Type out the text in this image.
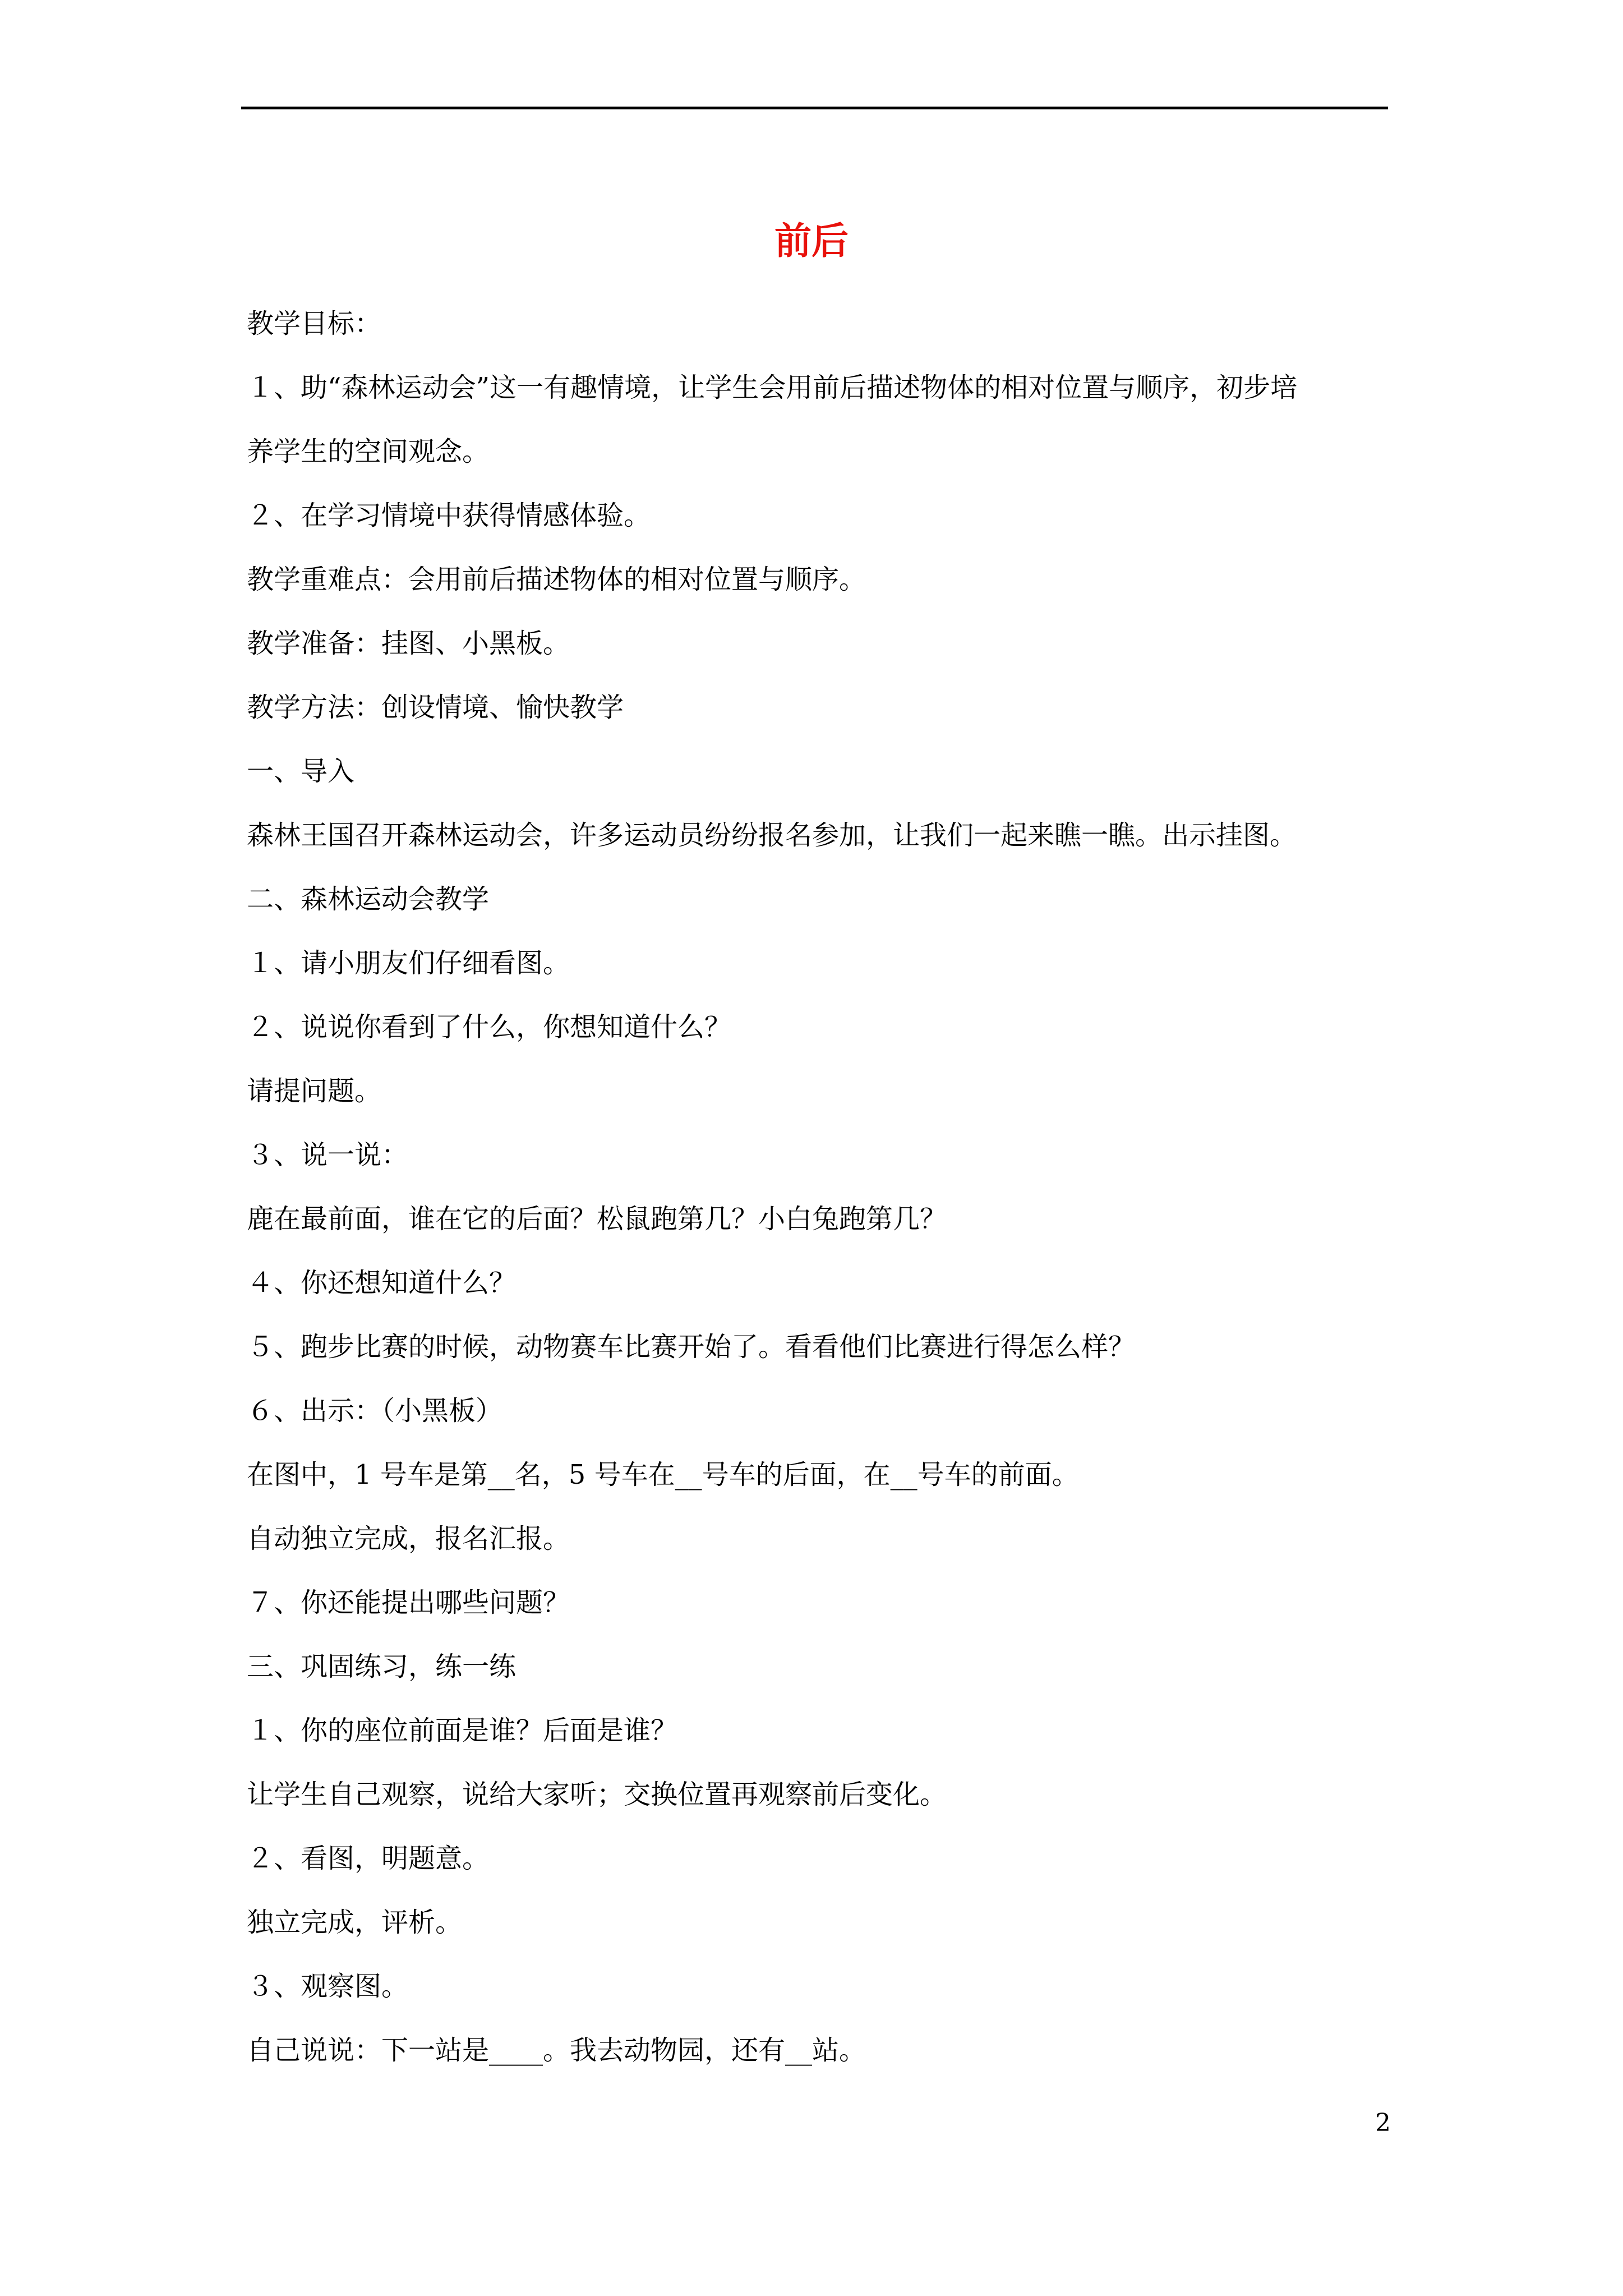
前后
教学目标：
１、助“森林运动会”这一有趣情境，让学生会用前后描述物体的相对位置与顺序，初步培
养学生的空间观念。
２、在学习情境中获得情感体验。
教学重难点：会用前后描述物体的相对位置与顺序。
教学准备：挂图、小黑板。
教学方法：创设情境、愉快教学
一、导入
森林王国召开森林运动会，许多运动员纷纷报名参加，让我们一起来瞧一瞧。出示挂图。
二、森林运动会教学
１、请小朋友们仔细看图。
２、说说你看到了什么，你想知道什么？
请提问题。
３、说一说：
鹿在最前面，谁在它的后面？松鼠跑第几？小白兔跑第几？
４、你还想知道什么？
５、跑步比赛的时候，动物赛车比赛开始了。看看他们比赛进行得怎么样？
６、出示：（小黑板）
在图中，1 号车是第__名，5 号车在__号车的后面，在__号车的前面。
自动独立完成，报名汇报。
７、你还能提出哪些问题？
三、巩固练习，练一练
１、你的座位前面是谁？后面是谁？
让学生自己观察，说给大家听；交换位置再观察前后变化。
２、看图，明题意。
独立完成，评析。
３、观察图。
自己说说：下一站是____。我去动物园，还有__站。
2
